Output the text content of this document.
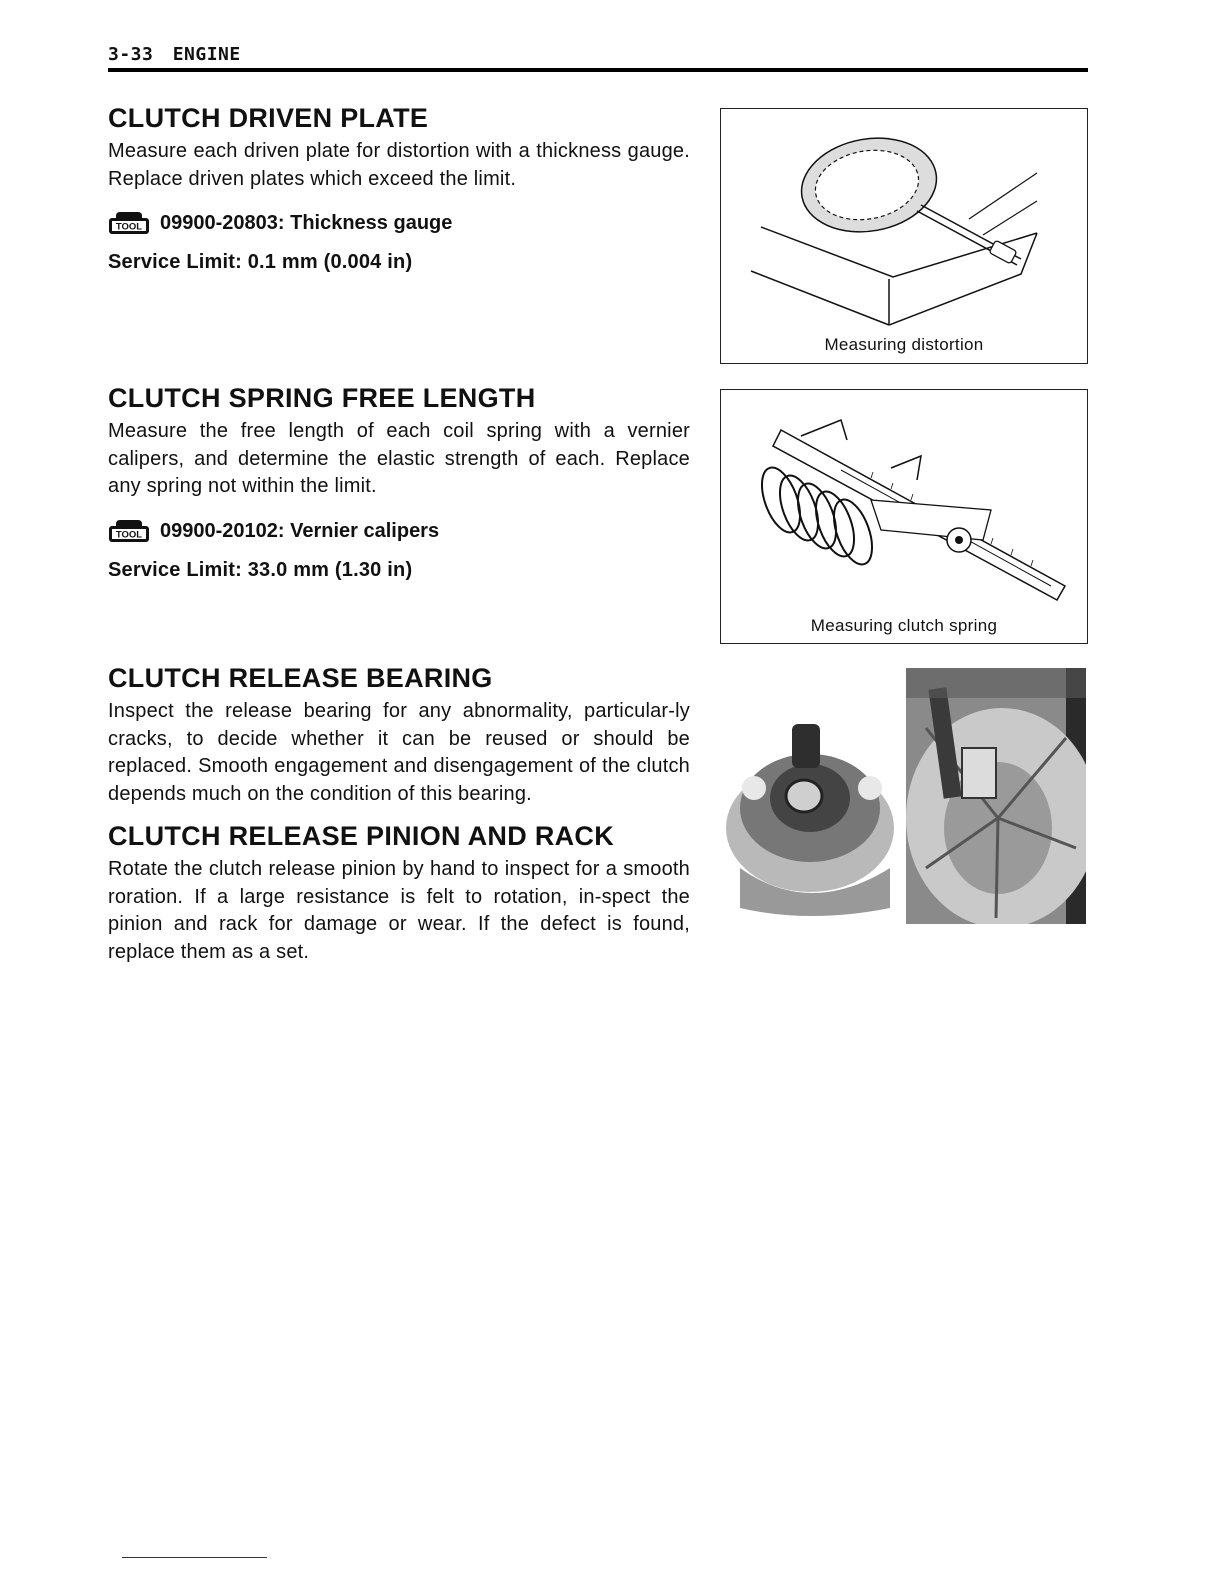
3-33 ENGINE
CLUTCH DRIVEN PLATE

Measure each driven plate for distortion with a thickness gauge. Replace driven plates which exceed the limit.

TOOL 09900-20803: Thickness gauge
Service Limit: 0.1 mm (0.004 in)
CLUTCH SPRING FREE LENGTH

Measure the free length of each coil spring with a vernier calipers, and determine the elastic strength of each. Replace any spring not within the limit.

TOOL 09900-20102: Vernier calipers
Service Limit: 33.0 mm (1.30 in)
CLUTCH RELEASE BEARING

Inspect the release bearing for any abnormality, particular-ly cracks, to decide whether it can be reused or should be replaced. Smooth engagement and disengagement of the clutch depends much on the condition of this bearing.

CLUTCH RELEASE PINION AND RACK

Rotate the clutch release pinion by hand to inspect for a smooth roration. If a large resistance is felt to rotation, in-spect the pinion and rack for damage or wear. If the defect is found, replace them as a set.

Measuring distortion
Measuring clutch spring
